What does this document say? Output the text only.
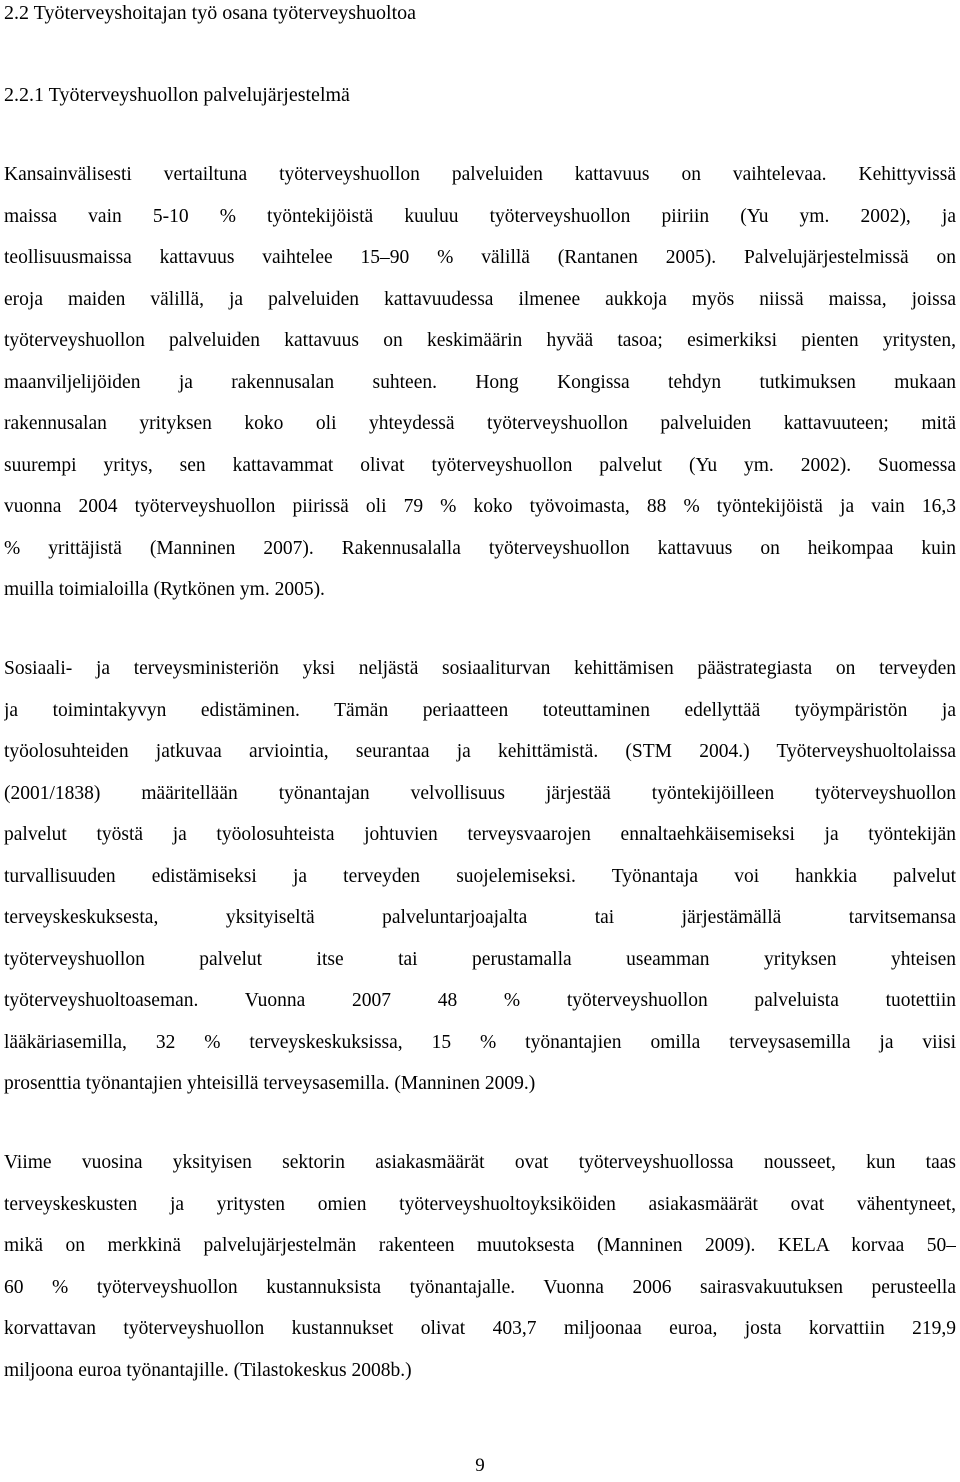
2.2 Työterveyshoitajan työ osana työterveyshuoltoa
2.2.1 Työterveyshuollon palvelujärjestelmä
Kansainvälisesti vertailtuna työterveyshuollon palveluiden kattavuus on vaihtelevaa. Kehittyvissä
maissa vain 5-10 % työntekijöistä kuuluu työterveyshuollon piiriin (Yu ym. 2002), ja
teollisuusmaissa kattavuus vaihtelee 15–90 % välillä (Rantanen 2005). Palvelujärjestelmissä on
eroja maiden välillä, ja palveluiden kattavuudessa ilmenee aukkoja myös niissä maissa, joissa
työterveyshuollon palveluiden kattavuus on keskimäärin hyvää tasoa; esimerkiksi pienten yritysten,
maanviljelijöiden ja rakennusalan suhteen. Hong Kongissa tehdyn tutkimuksen mukaan
rakennusalan yrityksen koko oli yhteydessä työterveyshuollon palveluiden kattavuuteen; mitä
suurempi yritys, sen kattavammat olivat työterveyshuollon palvelut (Yu ym. 2002). Suomessa
vuonna 2004 työterveyshuollon piirissä oli 79 % koko työvoimasta, 88 % työntekijöistä ja vain 16,3
% yrittäjistä (Manninen 2007). Rakennusalalla työterveyshuollon kattavuus on heikompaa kuin
muilla toimialoilla (Rytkönen ym. 2005).
Sosiaali- ja terveysministeriön yksi neljästä sosiaaliturvan kehittämisen päästrategiasta on terveyden
ja toimintakyvyn edistäminen. Tämän periaatteen toteuttaminen edellyttää työympäristön ja
työolosuhteiden jatkuvaa arviointia, seurantaa ja kehittämistä. (STM 2004.) Työterveyshuoltolaissa
(2001/1838) määritellään työnantajan velvollisuus järjestää työntekijöilleen työterveyshuollon
palvelut työstä ja työolosuhteista johtuvien terveysvaarojen ennaltaehkäisemiseksi ja työntekijän
turvallisuuden edistämiseksi ja terveyden suojelemiseksi. Työnantaja voi hankkia palvelut
terveyskeskuksesta, yksityiseltä palveluntarjoajalta tai järjestämällä tarvitsemansa
työterveyshuollon palvelut itse tai perustamalla useamman yrityksen yhteisen
työterveyshuoltoaseman. Vuonna 2007 48 % työterveyshuollon palveluista tuotettiin
lääkäriasemilla, 32 % terveyskeskuksissa, 15 % työnantajien omilla terveysasemilla ja viisi
prosenttia työnantajien yhteisillä terveysasemilla. (Manninen 2009.)
Viime vuosina yksityisen sektorin asiakasmäärät ovat työterveyshuollossa nousseet, kun taas
terveyskeskusten ja yritysten omien työterveyshuoltoyksiköiden asiakasmäärät ovat vähentyneet,
mikä on merkkinä palvelujärjestelmän rakenteen muutoksesta (Manninen 2009). KELA korvaa 50–
60 % työterveyshuollon kustannuksista työnantajalle. Vuonna 2006 sairasvakuutuksen perusteella
korvattavan työterveyshuollon kustannukset olivat 403,7 miljoonaa euroa, josta korvattiin 219,9
miljoona euroa työnantajille. (Tilastokeskus 2008b.)
9
